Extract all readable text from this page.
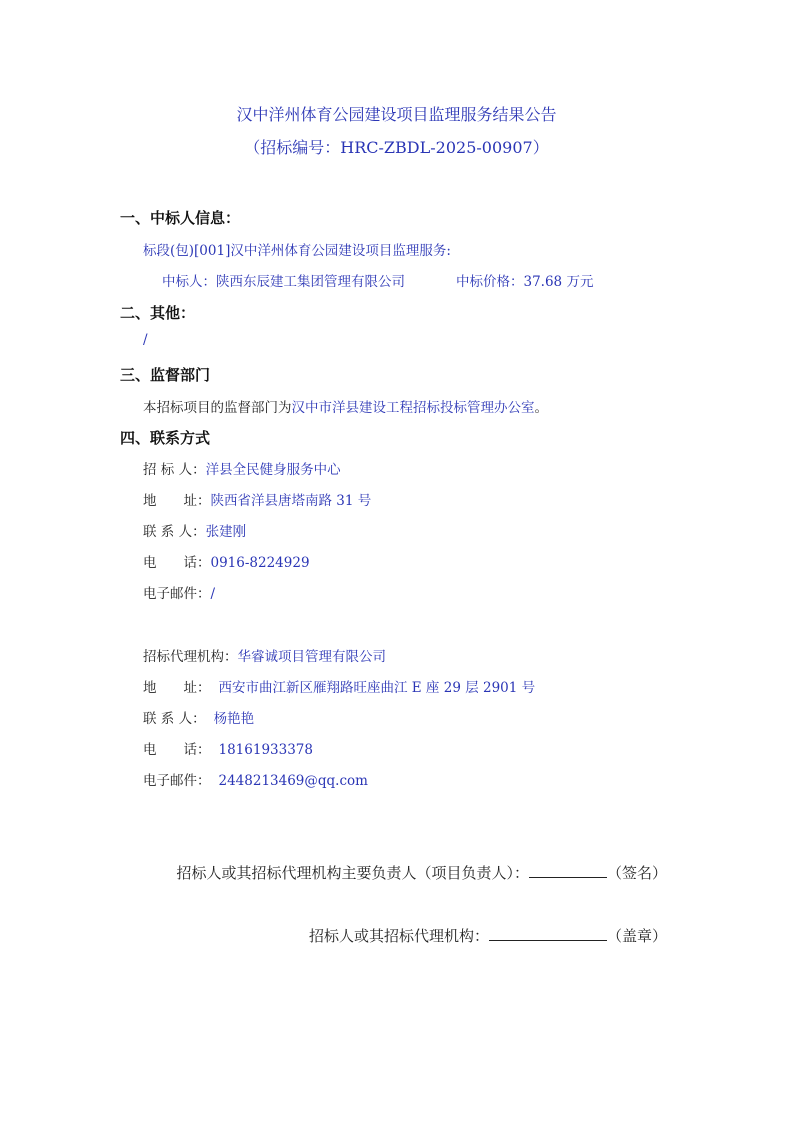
汉中洋州体育公园建设项目监理服务结果公告
（招标编号：HRC-ZBDL-2025-00907）
一、中标人信息：
标段(包)[001]汉中洋州体育公园建设项目监理服务:
中标人：陕西东辰建工集团管理有限公司	中标价格：37.68 万元
二、其他：
/
三、监督部门
本招标项目的监督部门为汉中市洋县建设工程招标投标管理办公室。
四、联系方式
招 标 人：洋县全民健身服务中心
地　　址：陕西省洋县唐塔南路 31 号
联 系 人：张建刚
电　　话：0916-8224929
电子邮件：/
招标代理机构：华睿诚项目管理有限公司
地　　址： 西安市曲江新区雁翔路旺座曲江 E 座 29 层 2901 号
联 系 人： 杨艳艳
电　　话： 18161933378
电子邮件： 2448213469@qq.com
招标人或其招标代理机构主要负责人（项目负责人）：	（签名）
招标人或其招标代理机构：	（盖章）
